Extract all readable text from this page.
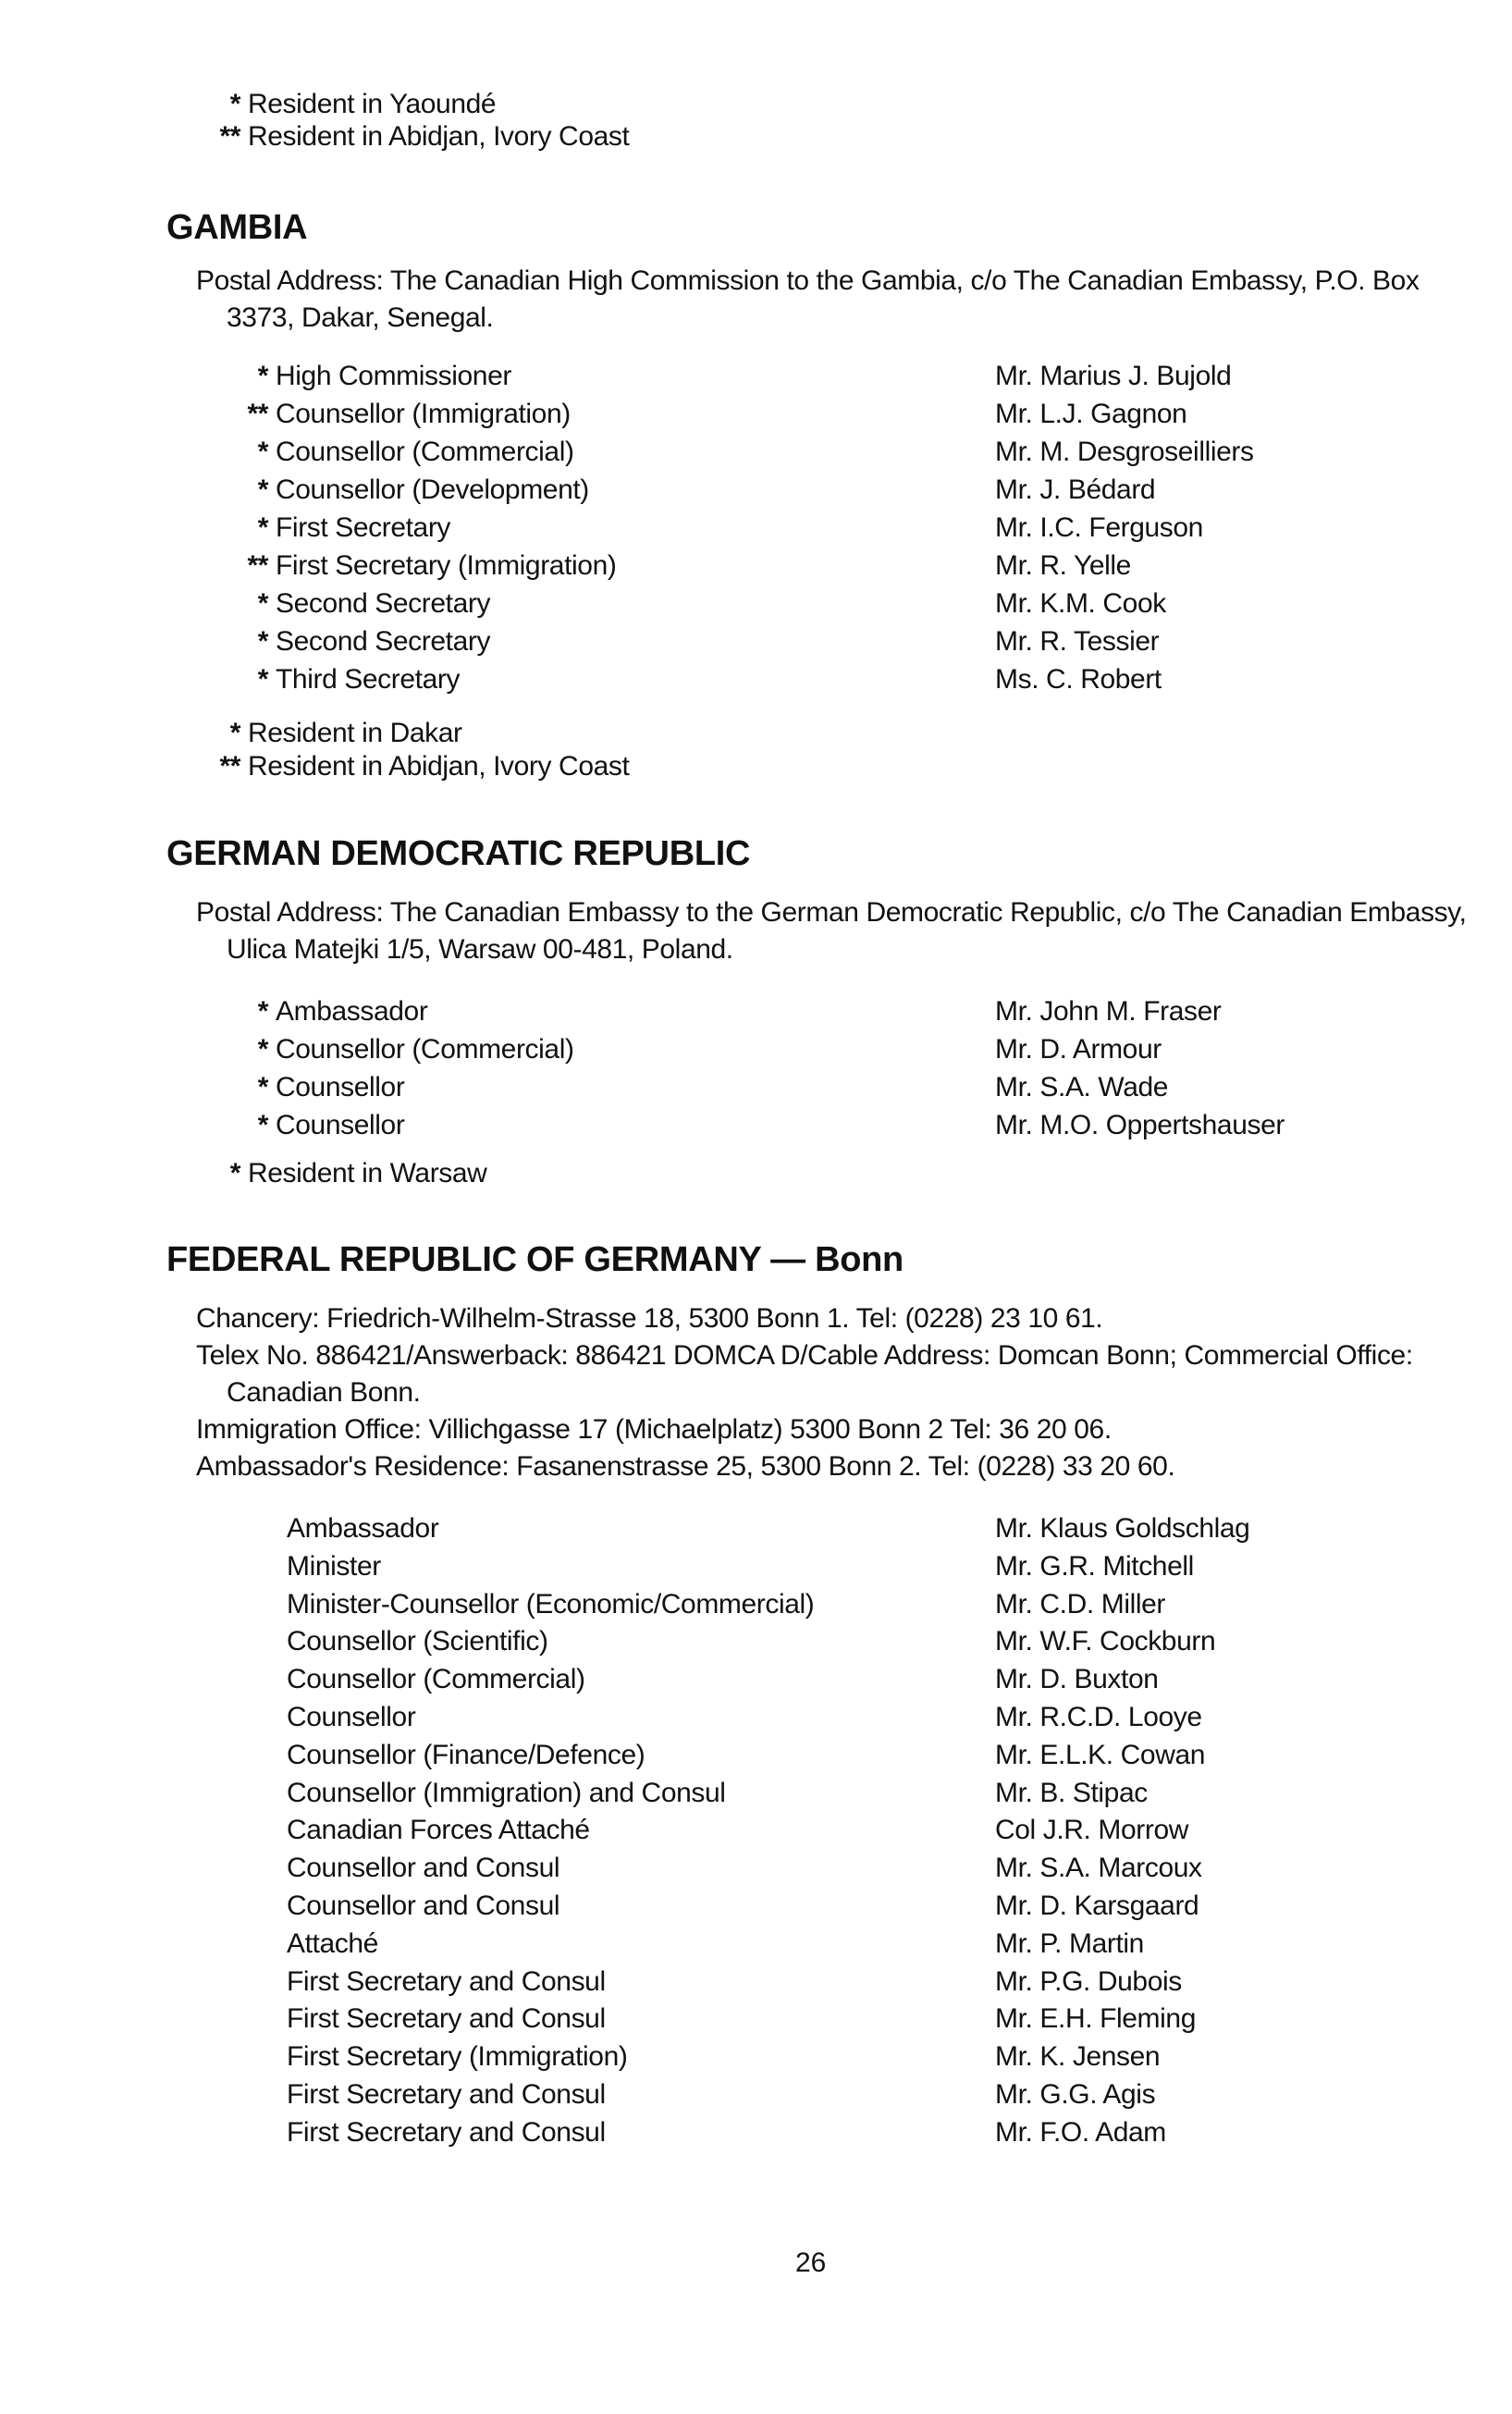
* Resident in Yaoundé
** Resident in Abidjan, Ivory Coast
GAMBIA
Postal Address: The Canadian High Commission to the Gambia, c/o The Canadian Embassy, P.O. Box 3373, Dakar, Senegal.
* High Commissioner	Mr. Marius J. Bujold
** Counsellor (Immigration)	Mr. L.J. Gagnon
* Counsellor (Commercial)	Mr. M. Desgroseilliers
* Counsellor (Development)	Mr. J. Bédard
* First Secretary	Mr. I.C. Ferguson
** First Secretary (Immigration)	Mr. R. Yelle
* Second Secretary	Mr. K.M. Cook
* Second Secretary	Mr. R. Tessier
* Third Secretary	Ms. C. Robert
* Resident in Dakar
** Resident in Abidjan, Ivory Coast
GERMAN DEMOCRATIC REPUBLIC
Postal Address: The Canadian Embassy to the German Democratic Republic, c/o The Canadian Embassy, Ulica Matejki 1/5, Warsaw 00-481, Poland.
* Ambassador	Mr. John M. Fraser
* Counsellor (Commercial)	Mr. D. Armour
* Counsellor	Mr. S.A. Wade
* Counsellor	Mr. M.O. Oppertshauser
* Resident in Warsaw
FEDERAL REPUBLIC OF GERMANY — Bonn
Chancery: Friedrich-Wilhelm-Strasse 18, 5300 Bonn 1. Tel: (0228) 23 10 61.
Telex No. 886421/Answerback: 886421 DOMCA D/Cable Address: Domcan Bonn; Commercial Office: Canadian Bonn.
Immigration Office: Villichgasse 17 (Michaelplatz) 5300 Bonn 2 Tel: 36 20 06.
Ambassador's Residence: Fasanenstrasse 25, 5300 Bonn 2. Tel: (0228) 33 20 60.
Ambassador	Mr. Klaus Goldschlag
Minister	Mr. G.R. Mitchell
Minister-Counsellor (Economic/Commercial)	Mr. C.D. Miller
Counsellor (Scientific)	Mr. W.F. Cockburn
Counsellor (Commercial)	Mr. D. Buxton
Counsellor	Mr. R.C.D. Looye
Counsellor (Finance/Defence)	Mr. E.L.K. Cowan
Counsellor (Immigration) and Consul	Mr. B. Stipac
Canadian Forces Attaché	Col J.R. Morrow
Counsellor and Consul	Mr. S.A. Marcoux
Counsellor and Consul	Mr. D. Karsgaard
Attaché	Mr. P. Martin
First Secretary and Consul	Mr. P.G. Dubois
First Secretary and Consul	Mr. E.H. Fleming
First Secretary (Immigration)	Mr. K. Jensen
First Secretary and Consul	Mr. G.G. Agis
First Secretary and Consul	Mr. F.O. Adam
26
